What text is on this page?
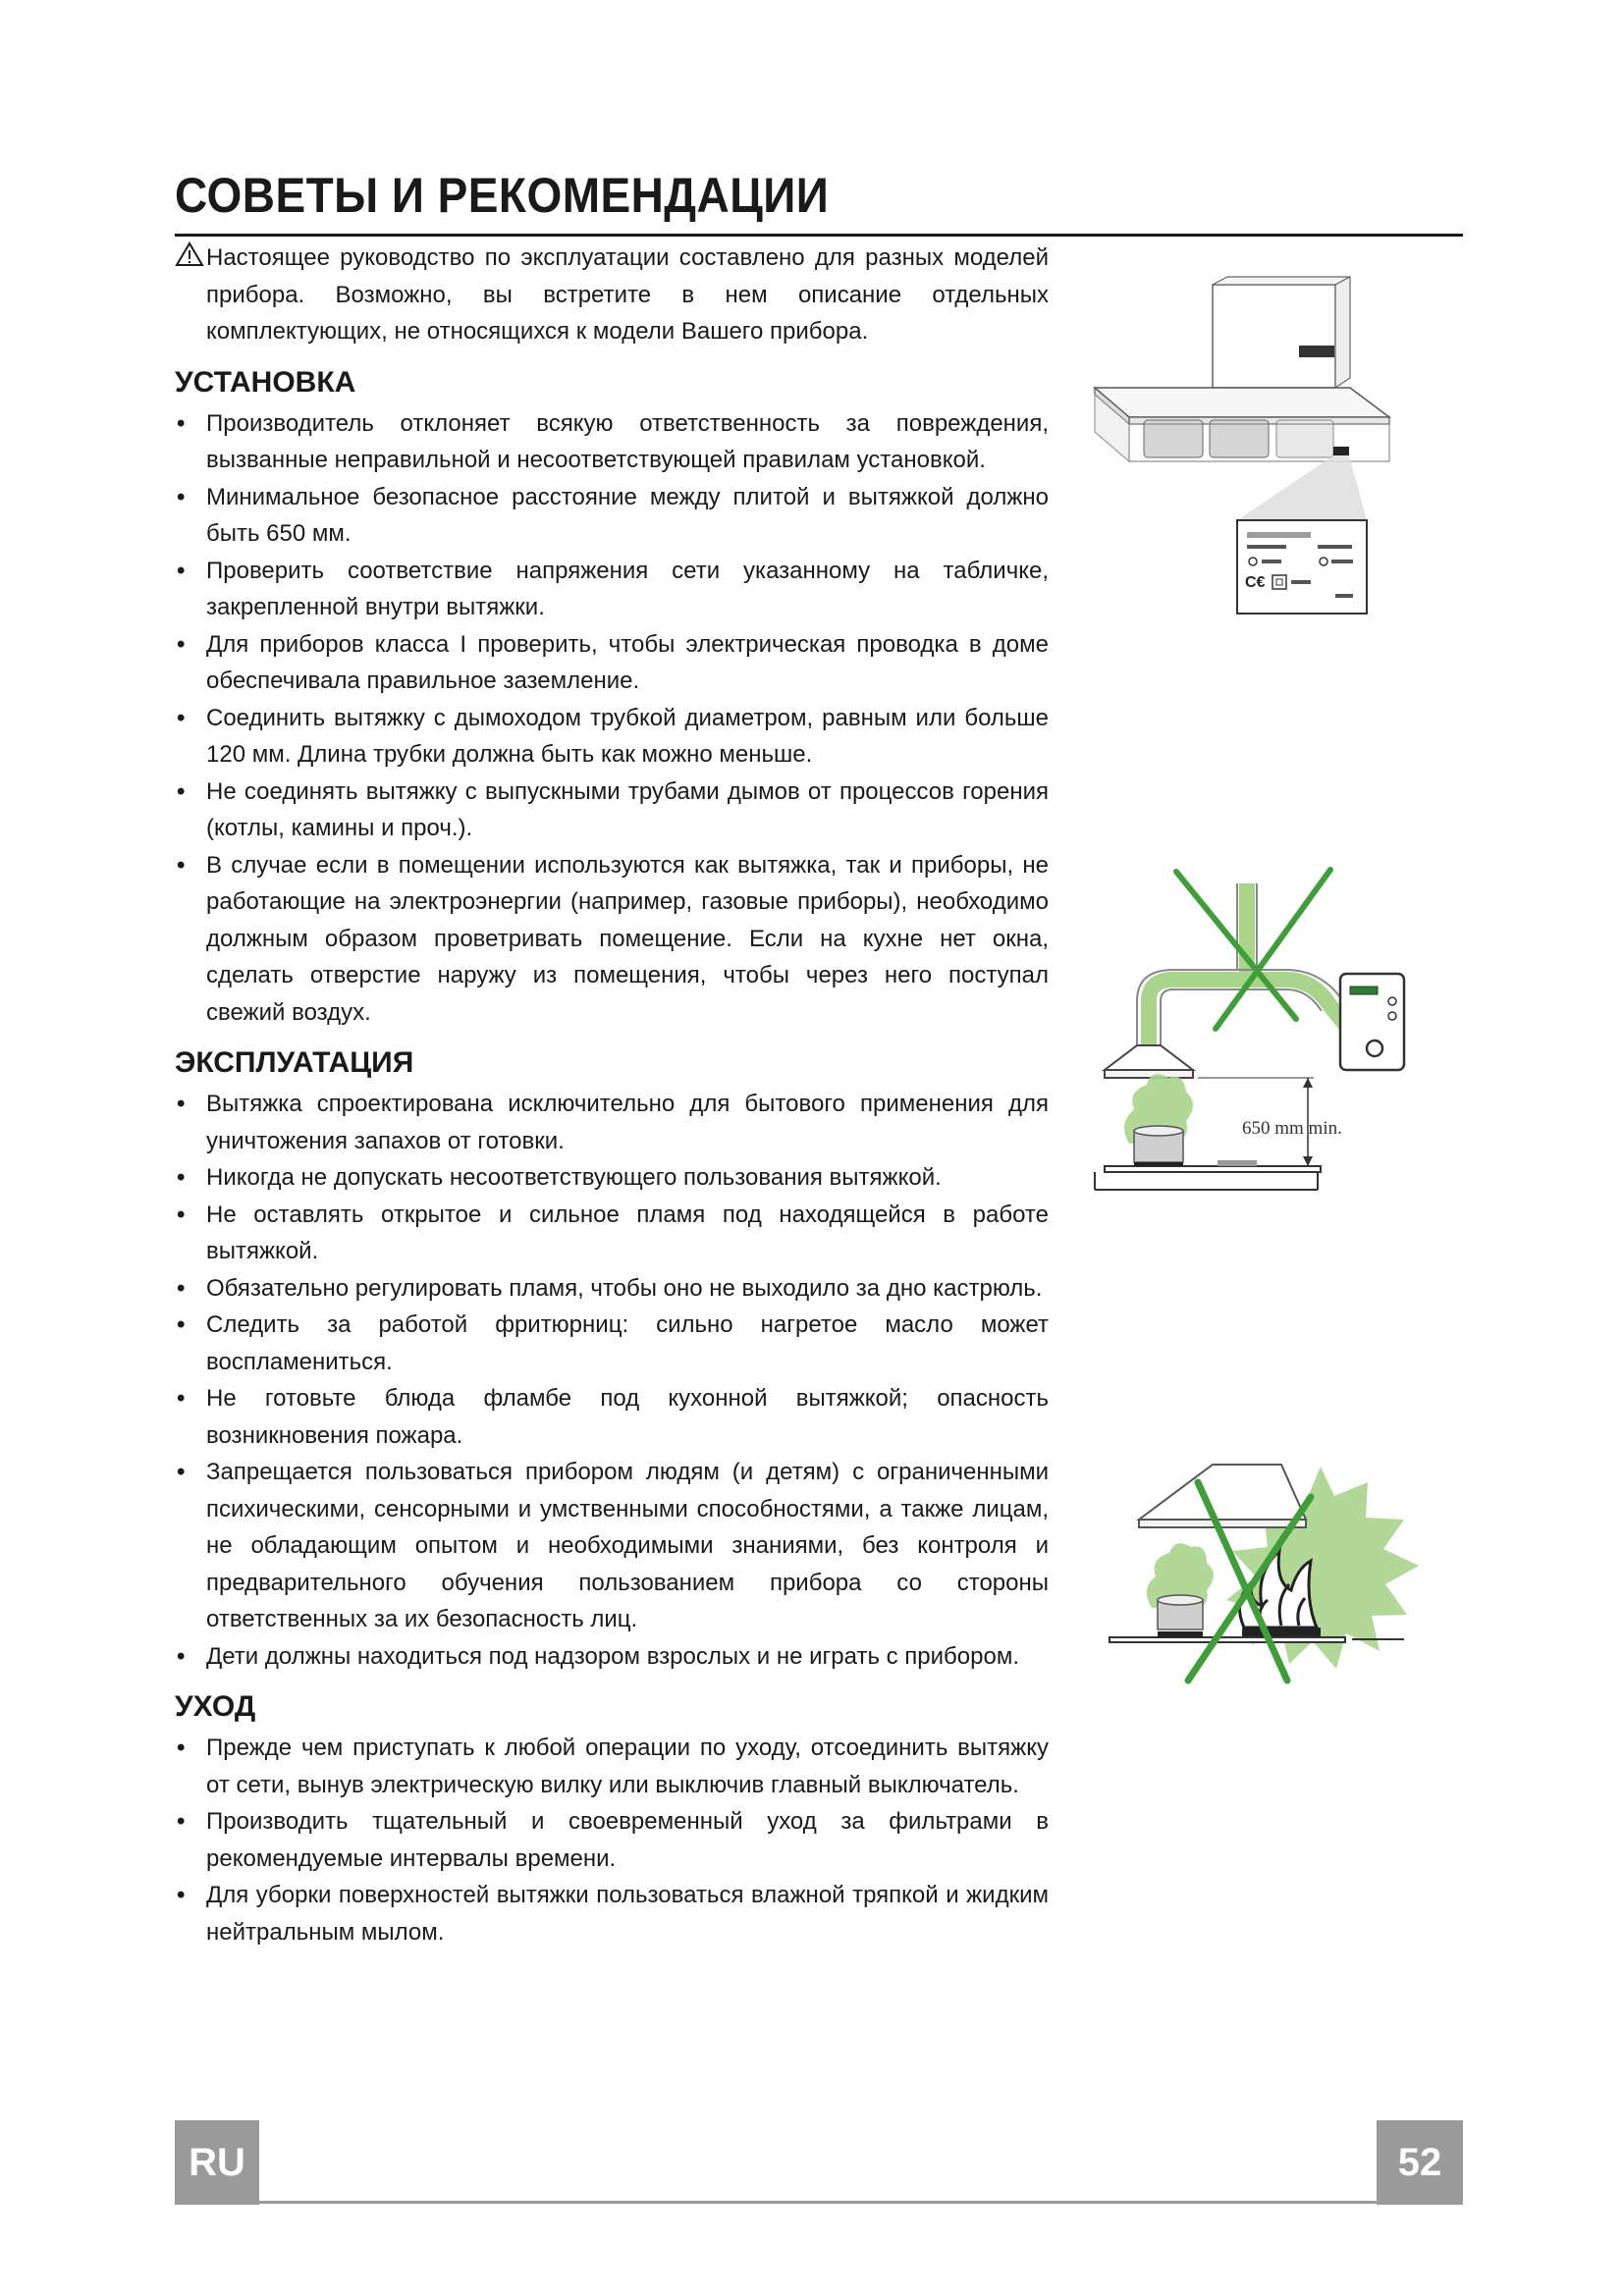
СОВЕТЫ И РЕКОМЕНДАЦИИ

Настоящее руководство по эксплуатации составлено для разных моделей прибора. Возможно, вы встретите в нем описание отдельных комплектующих, не относящихся к модели Вашего прибора.

УСТАНОВКА
• Производитель отклоняет всякую ответственность за повреждения, вызванные неправильной и несоответствующей правилам установкой.
• Минимальное безопасное расстояние между плитой и вытяжкой должно быть 650 мм.
• Проверить соответствие напряжения сети указанному на табличке, закрепленной внутри вытяжки.
• Для приборов класса I проверить, чтобы электрическая проводка в доме обеспечивала правильное заземление.
• Соединить вытяжку с дымоходом трубкой диаметром, равным или больше 120 мм. Длина трубки должна быть как можно меньше.
• Не соединять вытяжку с выпускными трубами дымов от процессов горения (котлы, камины и проч.).
• В случае если в помещении используются как вытяжка, так и приборы, не работающие на электроэнергии (например, газовые приборы), необходимо должным образом проветривать помещение. Если на кухне нет окна, сделать отверстие наружу из помещения, чтобы через него поступал свежий воздух.
ЭКСПЛУАТАЦИЯ
• Вытяжка спроектирована исключительно для бытового применения для уничтожения запахов от готовки.
• Никогда не допускать несоответствующего пользования вытяжкой.
• Не оставлять открытое и сильное пламя под находящейся в работе вытяжкой.
• Обязательно регулировать пламя, чтобы оно не выходило за дно кастрюль.
• Следить за работой фритюрниц: сильно нагретое масло может воспламениться.
• Не готовьте блюда фламбе под кухонной вытяжкой; опасность возникновения пожара.
• Запрещается пользоваться прибором людям (и детям) с ограниченными психическими, сенсорными и умственными способностями, а также лицам, не обладающим опытом и необходимыми знаниями, без контроля и предварительного обучения пользованием прибора со стороны ответственных за их безопасность лиц.
• Дети должны находиться под надзором взрослых и не играть с прибором.
УХОД
• Прежде чем приступать к любой операции по уходу, отсоединить вытяжку от сети, вынув электрическую вилку или выключив главный выключатель.
• Производить тщательный и своевременный уход за фильтрами в рекомендуемые интервалы времени.
• Для уборки поверхностей вытяжки пользоваться влажной тряпкой и жидким нейтральным мылом.
C€
650 mm min.
RU	52
